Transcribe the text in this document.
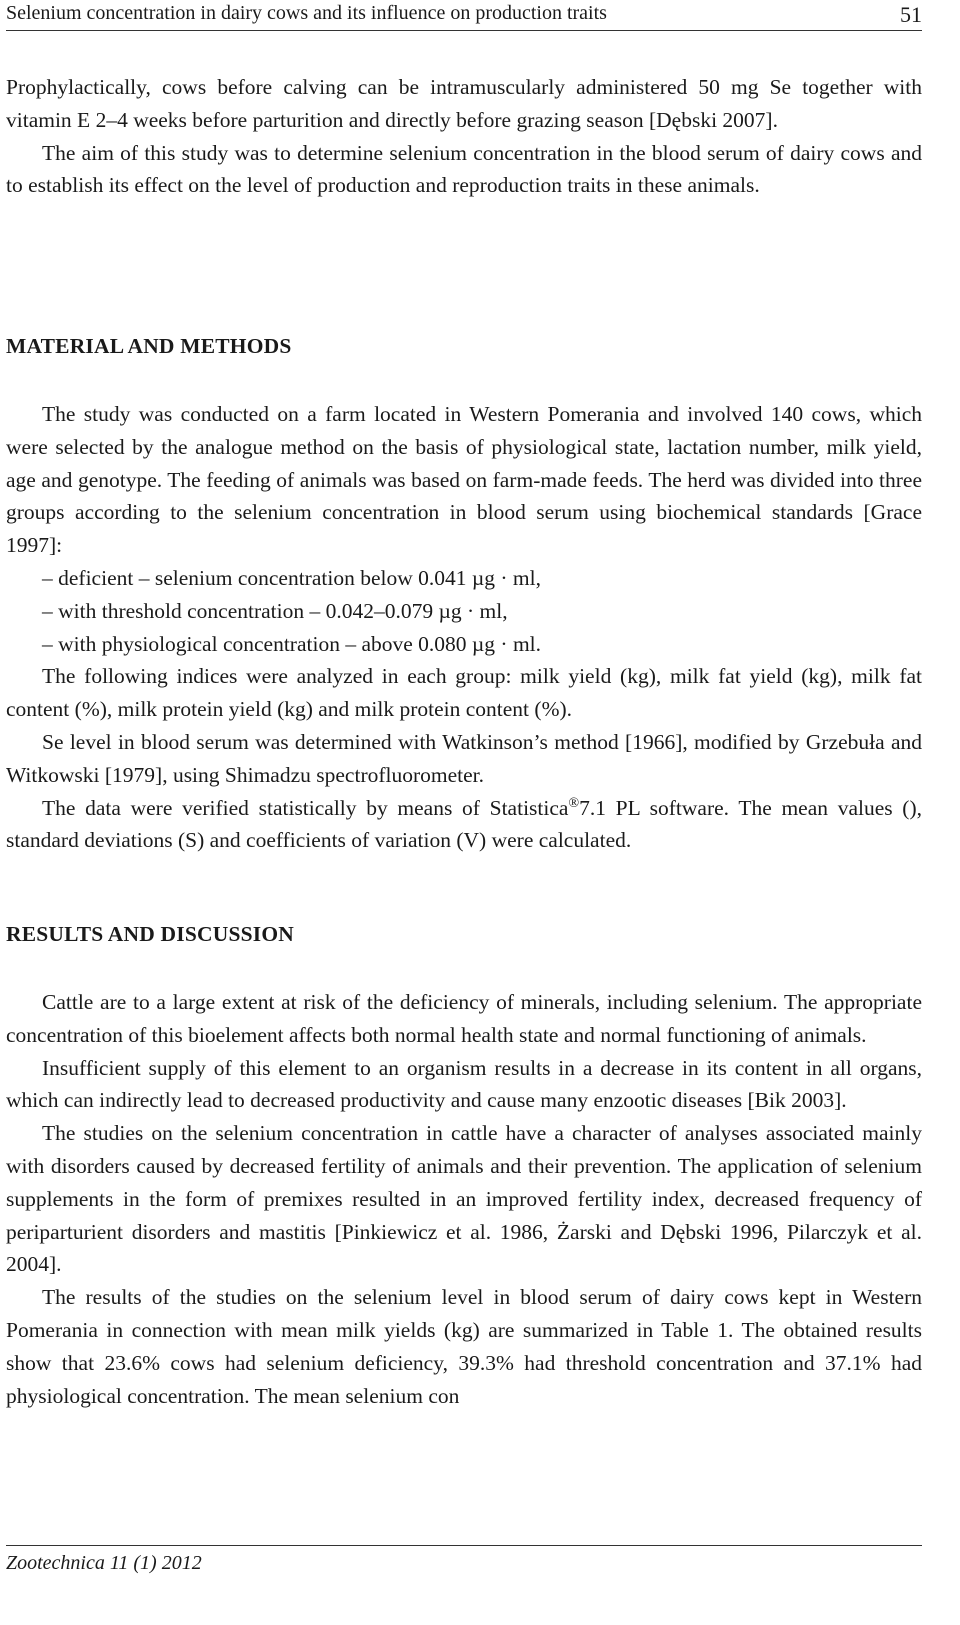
Selenium concentration in dairy cows and its influence on production traits	51

Prophylactically, cows before calving can be intramuscularly administered 50 mg Se together with vitamin E 2–4 weeks before parturition and directly before grazing season [Dębski 2007].

The aim of this study was to determine selenium concentration in the blood serum of dairy cows and to establish its effect on the level of production and reproduction traits in these animals.

MATERIAL AND METHODS

The study was conducted on a farm located in Western Pomerania and involved 140 cows, which were selected by the analogue method on the basis of physiological state, lactation number, milk yield, age and genotype. The feeding of animals was based on farm-made feeds. The herd was divided into three groups according to the selenium concentration in blood serum using biochemical standards [Grace 1997]:

– deficient – selenium concentration below 0.041 µg · ml,

– with threshold concentration – 0.042–0.079 µg · ml,

– with physiological concentration – above 0.080 µg · ml.

The following indices were analyzed in each group: milk yield (kg), milk fat yield (kg), milk fat content (%), milk protein yield (kg) and milk protein content (%).

Se level in blood serum was determined with Watkinson’s method [1966], modified by Grzebuła and Witkowski [1979], using Shimadzu spectrofluorometer.

The data were verified statistically by means of Statistica®7.1 PL software. The mean values (), standard deviations (S) and coefficients of variation (V) were calculated.

RESULTS AND DISCUSSION

Cattle are to a large extent at risk of the deficiency of minerals, including selenium. The appropriate concentration of this bioelement affects both normal health state and normal functioning of animals.

Insufficient supply of this element to an organism results in a decrease in its content in all organs, which can indirectly lead to decreased productivity and cause many enzootic diseases [Bik 2003].

The studies on the selenium concentration in cattle have a character of analyses associated mainly with disorders caused by decreased fertility of animals and their prevention. The application of selenium supplements in the form of premixes resulted in an improved fertility index, decreased frequency of periparturient disorders and mastitis [Pinkiewicz et al. 1986, Żarski and Dębski 1996, Pilarczyk et al. 2004].

The results of the studies on the selenium level in blood serum of dairy cows kept in Western Pomerania in connection with mean milk yields (kg) are summarized in Table 1. The obtained results show that 23.6% cows had selenium deficiency, 39.3% had threshold concentration and 37.1% had physiological concentration. The mean selenium con

Zootechnica 11 (1) 2012
